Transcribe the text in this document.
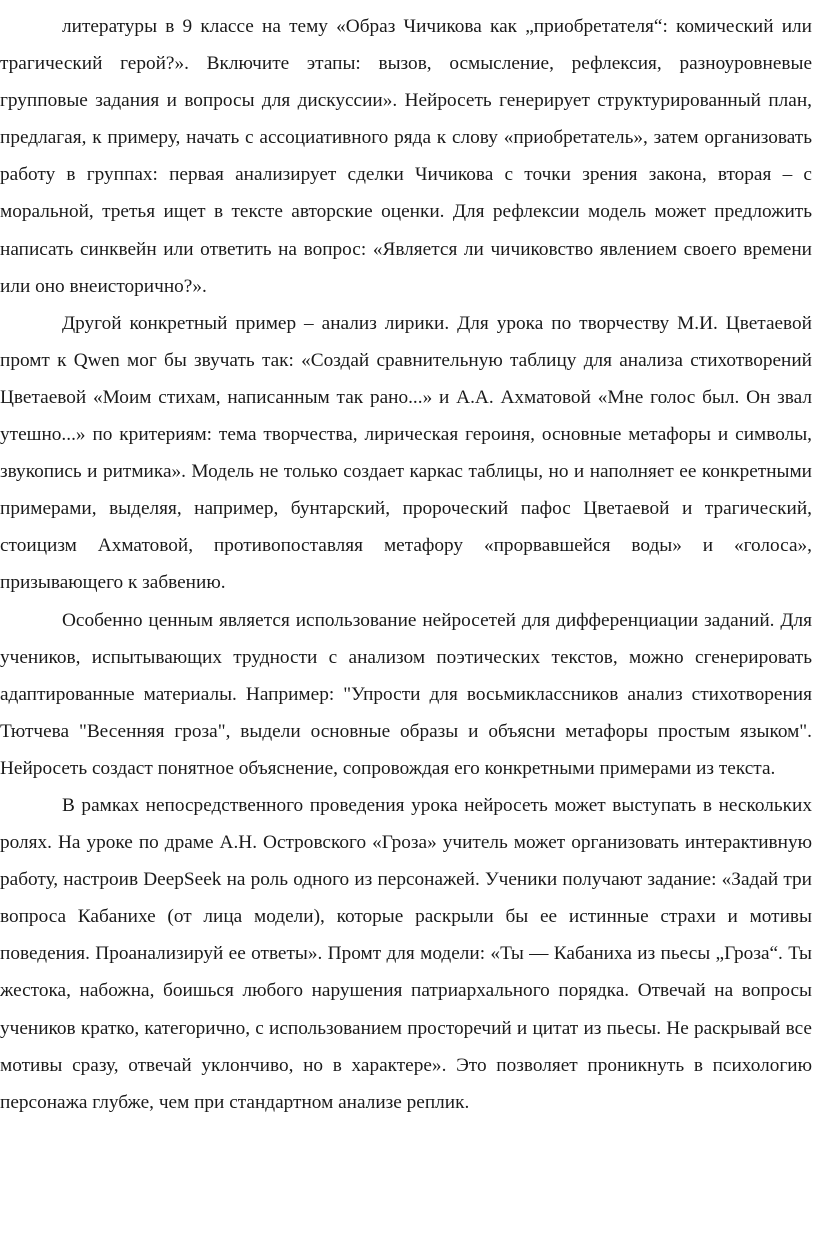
литературы в 9 классе на тему «Образ Чичикова как „приобретателя“: комический или трагический герой?». Включите этапы: вызов, осмысление, рефлексия, разноуровневые групповые задания и вопросы для дискуссии». Нейросеть генерирует структурированный план, предлагая, к примеру, начать с ассоциативного ряда к слову «приобретатель», затем организовать работу в группах: первая анализирует сделки Чичикова с точки зрения закона, вторая – с моральной, третья ищет в тексте авторские оценки. Для рефлексии модель может предложить написать синквейн или ответить на вопрос: «Является ли чичиковство явлением своего времени или оно внеисторично?».

Другой конкретный пример – анализ лирики. Для урока по творчеству М.И. Цветаевой промт к Qwen мог бы звучать так: «Создай сравнительную таблицу для анализа стихотворений Цветаевой «Моим стихам, написанным так рано...» и А.А. Ахматовой «Мне голос был. Он звал утешно...» по критериям: тема творчества, лирическая героиня, основные метафоры и символы, звукопись и ритмика». Модель не только создает каркас таблицы, но и наполняет ее конкретными примерами, выделяя, например, бунтарский, пророческий пафос Цветаевой и трагический, стоицизм Ахматовой, противопоставляя метафору «прорвавшейся воды» и «голоса», призывающего к забвению.

Особенно ценным является использование нейросетей для дифференциации заданий. Для учеников, испытывающих трудности с анализом поэтических текстов, можно сгенерировать адаптированные материалы. Например: "Упрости для восьмиклассников анализ стихотворения Тютчева "Весенняя гроза", выдели основные образы и объясни метафоры простым языком". Нейросеть создаст понятное объяснение, сопровождая его конкретными примерами из текста.

В рамках непосредственного проведения урока нейросеть может выступать в нескольких ролях. На уроке по драме А.Н. Островского «Гроза» учитель может организовать интерактивную работу, настроив DeepSeek на роль одного из персонажей. Ученики получают задание: «Задай три вопроса Кабанихе (от лица модели), которые раскрыли бы ее истинные страхи и мотивы поведения. Проанализируй ее ответы». Промт для модели: «Ты — Кабаниха из пьесы „Гроза“. Ты жестока, набожна, боишься любого нарушения патриархального порядка. Отвечай на вопросы учеников кратко, категорично, с использованием просторечий и цитат из пьесы. Не раскрывай все мотивы сразу, отвечай уклончиво, но в характере». Это позволяет проникнуть в психологию персонажа глубже, чем при стандартном анализе реплик.
